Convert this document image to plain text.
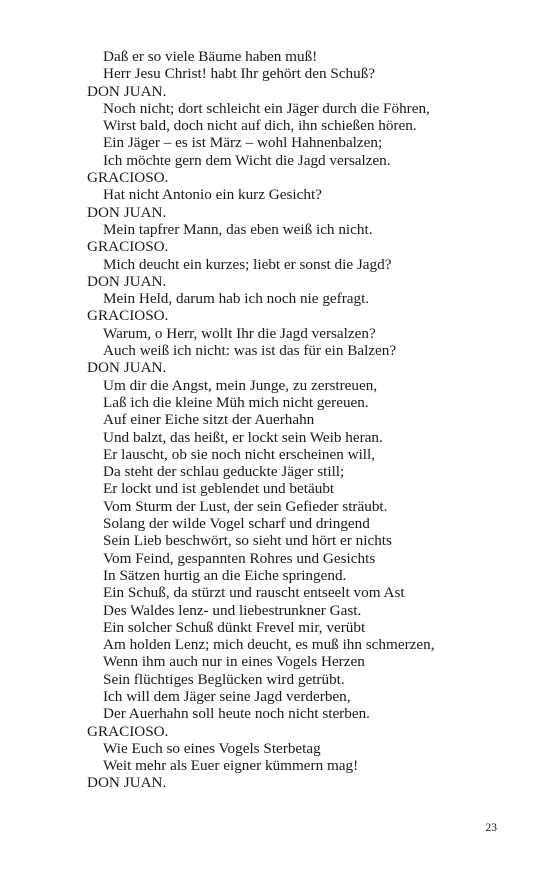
Daß er so viele Bäume haben muß!
Herr Jesu Christ! habt Ihr gehört den Schuß?
DON JUAN.
Noch nicht; dort schleicht ein Jäger durch die Föhren,
Wirst bald, doch nicht auf dich, ihn schießen hören.
Ein Jäger – es ist März – wohl Hahnenbalzen;
Ich möchte gern dem Wicht die Jagd versalzen.
GRACIOSO.
Hat nicht Antonio ein kurz Gesicht?
DON JUAN.
Mein tapfrer Mann, das eben weiß ich nicht.
GRACIOSO.
Mich deucht ein kurzes; liebt er sonst die Jagd?
DON JUAN.
Mein Held, darum hab ich noch nie gefragt.
GRACIOSO.
Warum, o Herr, wollt Ihr die Jagd versalzen?
Auch weiß ich nicht: was ist das für ein Balzen?
DON JUAN.
Um dir die Angst, mein Junge, zu zerstreuen,
Laß ich die kleine Müh mich nicht gereuen.
Auf einer Eiche sitzt der Auerhahn
Und balzt, das heißt, er lockt sein Weib heran.
Er lauscht, ob sie noch nicht erscheinen will,
Da steht der schlau geduckte Jäger still;
Er lockt und ist geblendet und betäubt
Vom Sturm der Lust, der sein Gefieder sträubt.
Solang der wilde Vogel scharf und dringend
Sein Lieb beschwört, so sieht und hört er nichts
Vom Feind, gespannten Rohres und Gesichts
In Sätzen hurtig an die Eiche springend.
Ein Schuß, da stürzt und rauscht entseelt vom Ast
Des Waldes lenz- und liebestrunkner Gast.
Ein solcher Schuß dünkt Frevel mir, verübt
Am holden Lenz; mich deucht, es muß ihn schmerzen,
Wenn ihm auch nur in eines Vogels Herzen
Sein flüchtiges Beglücken wird getrübt.
Ich will dem Jäger seine Jagd verderben,
Der Auerhahn soll heute noch nicht sterben.
GRACIOSO.
Wie Euch so eines Vogels Sterbetag
Weit mehr als Euer eigner kümmern mag!
DON JUAN.
23
